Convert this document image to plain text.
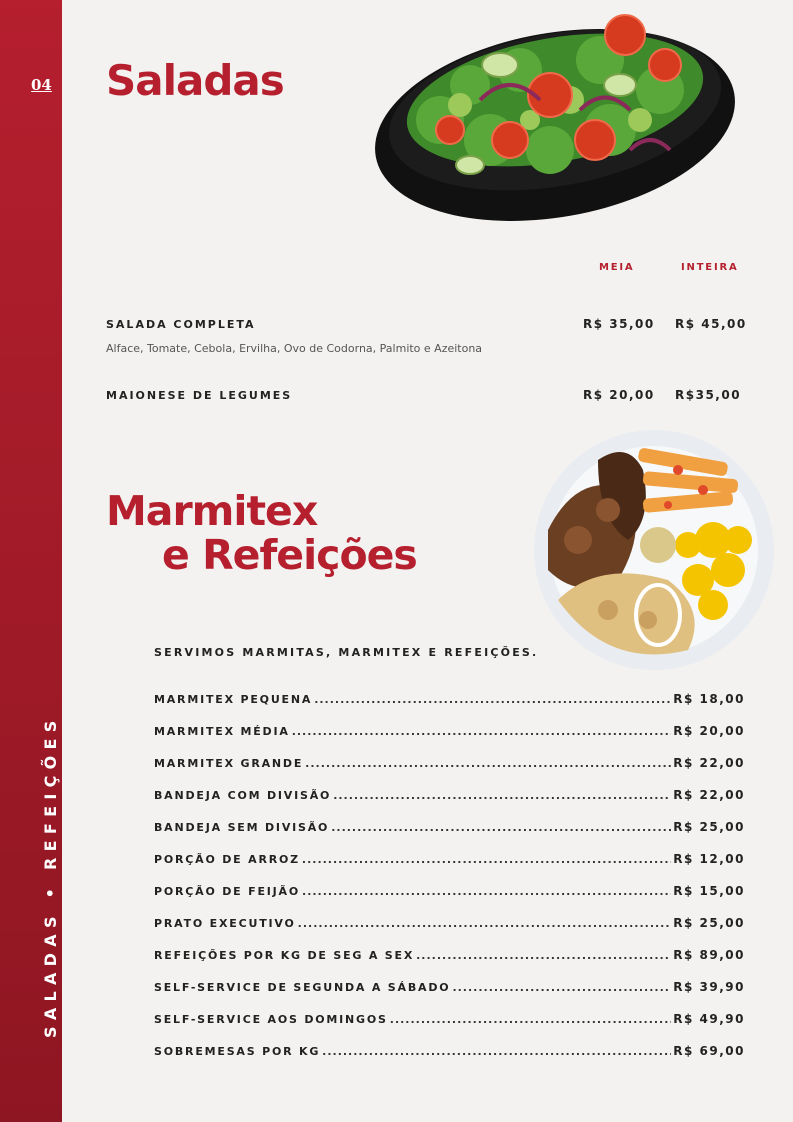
04
SALADAS • REFEIÇÕES
Saladas
MEIA	INTEIRA
SALADA COMPLETA	R$ 35,00 R$ 45,00
Alface, Tomate, Cebola, Ervilha, Ovo de Codorna, Palmito e Azeitona
MAIONESE DE LEGUMES	R$ 20,00 R$35,00
Marmitex
e Refeições
SERVIMOS MARMITAS, MARMITEX E REFEIÇÕES.
MARMITEX PEQUENA .....	R$ 18,00
MARMITEX MÉDIA .....	R$ 20,00
MARMITEX GRANDE .....	R$ 22,00
BANDEJA COM DIVISÃO .....	R$ 22,00
BANDEJA SEM DIVISÃO .....	R$ 25,00
PORÇÃO DE ARROZ .....	R$ 12,00
PORÇÃO DE FEIJÃO .....	R$ 15,00
PRATO EXECUTIVO .....	R$ 25,00
REFEIÇÕES POR KG DE SEG A SEX .....	R$ 89,00
SELF-SERVICE DE SEGUNDA A SÁBADO .....	R$ 39,90
SELF-SERVICE AOS DOMINGOS .....	R$ 49,90
SOBREMESAS POR KG .....	R$ 69,00
